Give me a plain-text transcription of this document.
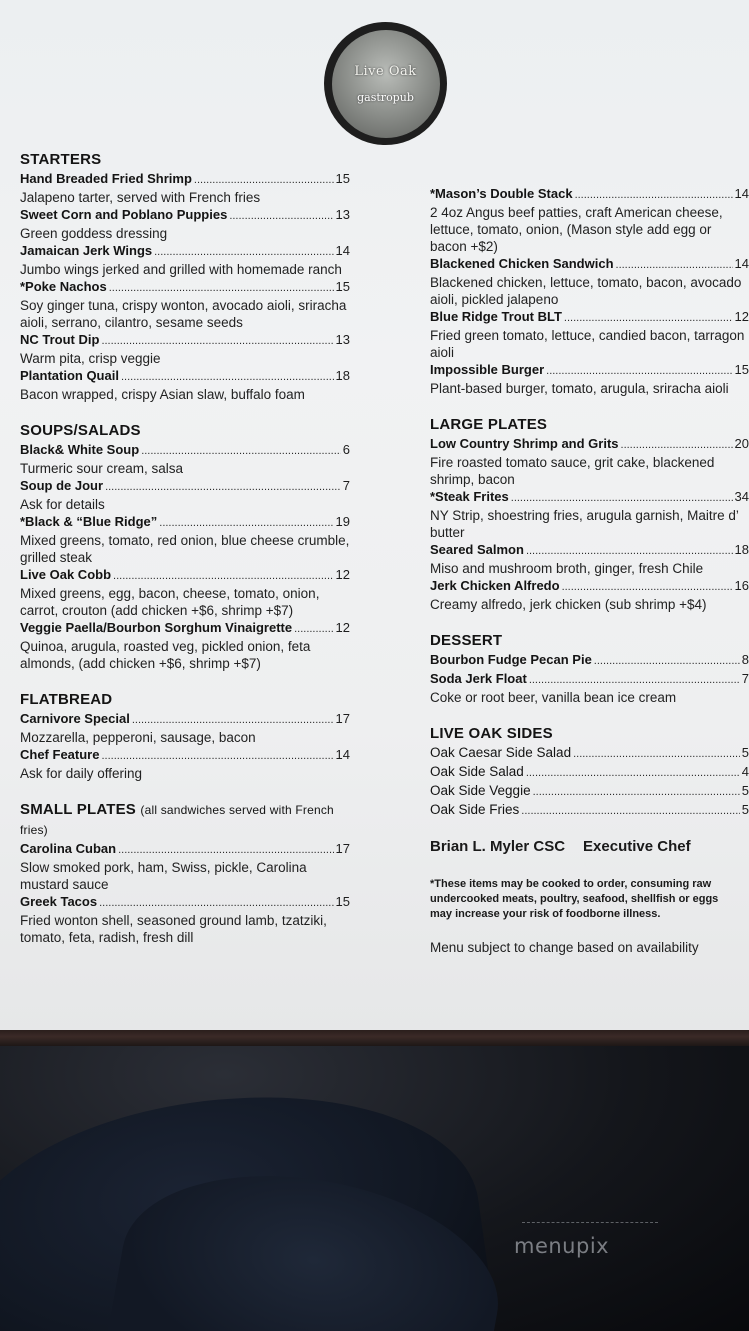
Live Oak
gastropub
STARTERS
Hand Breaded Fried Shrimp .....	15
Jalapeno tarter, served with French fries
Sweet Corn and Poblano Puppies .....	13
Green goddess dressing
Jamaican Jerk Wings .....	14
Jumbo wings jerked and grilled with homemade ranch
*Poke Nachos .....	15
Soy ginger tuna, crispy wonton, avocado aioli, sriracha aioli, serrano, cilantro, sesame seeds
NC Trout Dip .....	13
Warm pita, crisp veggie
Plantation Quail .....	18
Bacon wrapped, crispy Asian slaw, buffalo foam
SOUPS/SALADS
Black& White Soup .....	6
Turmeric sour cream, salsa
Soup de Jour .....	7
Ask for details
*Black & “Blue Ridge” .....	19
Mixed greens, tomato, red onion, blue cheese crumble, grilled steak
Live Oak Cobb .....	12
Mixed greens, egg, bacon, cheese, tomato, onion, carrot, crouton (add chicken +$6, shrimp +$7)
Veggie Paella/Bourbon Sorghum Vinaigrette .....	12
Quinoa, arugula, roasted veg, pickled onion, feta almonds, (add chicken +$6, shrimp +$7)
FLATBREAD
Carnivore Special .....	17
Mozzarella, pepperoni, sausage, bacon
Chef Feature .....	14
Ask for daily offering
SMALL PLATES (all sandwiches served with French fries)
Carolina Cuban .....	17
Slow smoked pork, ham, Swiss, pickle, Carolina mustard sauce
Greek Tacos .....	15
Fried wonton shell, seasoned ground lamb, tzatziki, tomato, feta, radish, fresh dill
*Mason’s Double Stack .....	14
2 4oz Angus beef patties, craft American cheese, lettuce, tomato, onion, (Mason style add egg or bacon +$2)
Blackened Chicken Sandwich .....	14
Blackened chicken, lettuce, tomato, bacon, avocado aioli, pickled jalapeno
Blue Ridge Trout BLT .....	12
Fried green tomato, lettuce, candied bacon, tarragon aioli
Impossible Burger .....	15
Plant-based burger, tomato, arugula, sriracha aioli
LARGE PLATES
Low Country Shrimp and Grits .....	20
Fire roasted tomato sauce, grit cake, blackened shrimp, bacon
*Steak Frites .....	34
NY Strip, shoestring fries, arugula garnish, Maitre d’ butter
Seared Salmon .....	18
Miso and mushroom broth, ginger, fresh Chile
Jerk Chicken Alfredo .....	16
Creamy alfredo, jerk chicken (sub shrimp +$4)
DESSERT
Bourbon Fudge Pecan Pie .....	8
Soda Jerk Float .....	7
Coke or root beer, vanilla bean ice cream
LIVE OAK SIDES
Oak Caesar Side Salad .....	5
Oak Side Salad .....	4
Oak Side Veggie .....	5
Oak Side Fries .....	5
Brian L. Myler CSC Executive Chef
*These items may be cooked to order, consuming raw
undercooked meats, poultry, seafood, shellfish or eggs
may increase your risk of foodborne illness.
Menu subject to change based on availability
menupix
